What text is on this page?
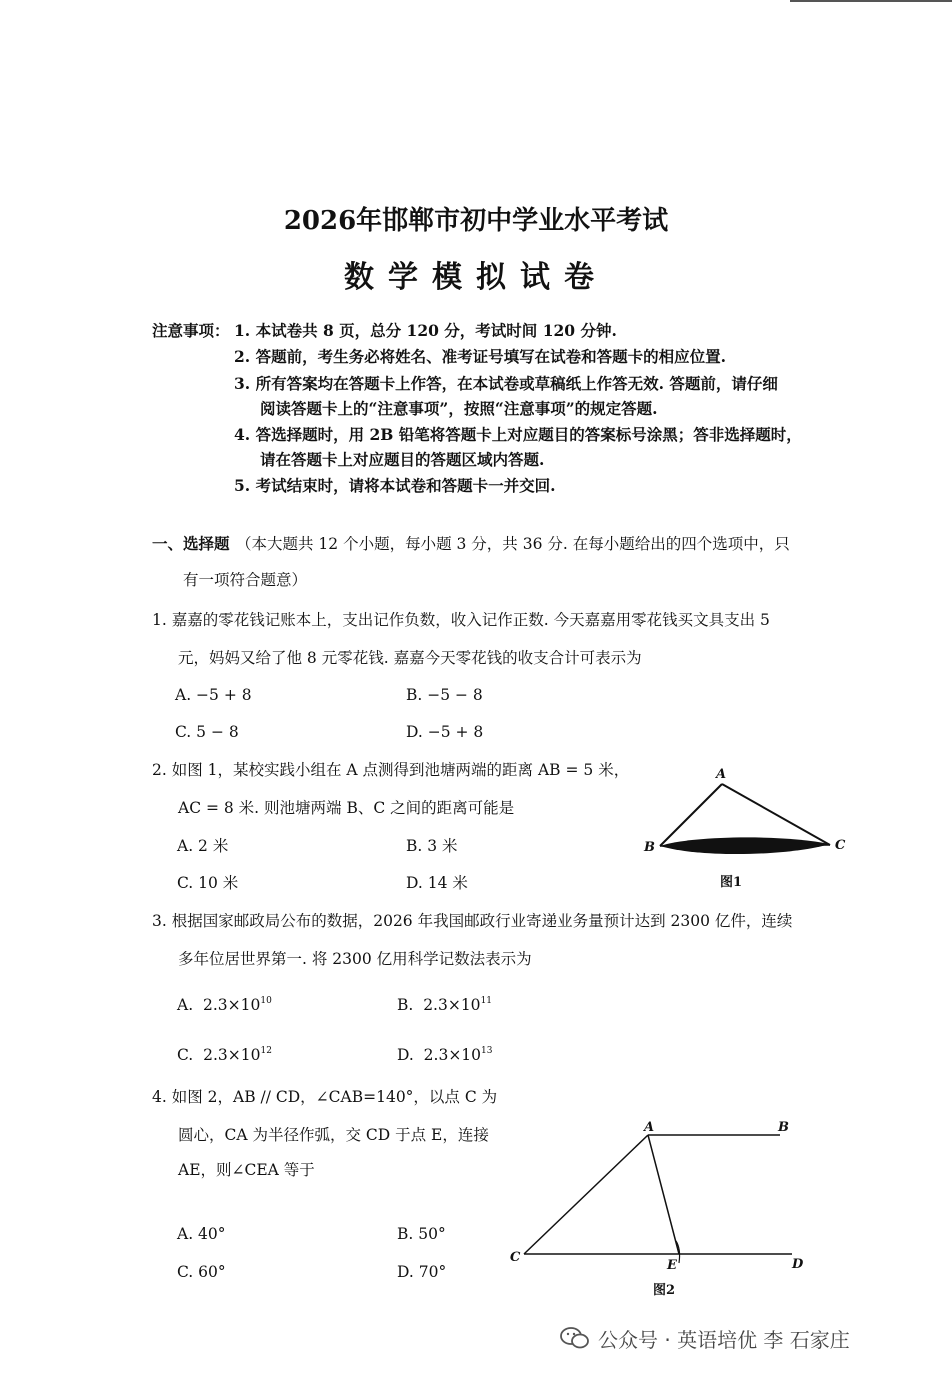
2026年邯郸市初中学业水平考试
数学模拟试卷
注意事项： 1. 本试卷共 8 页，总分 120 分，考试时间 120 分钟.
2. 答题前，考生务必将姓名、准考证号填写在试卷和答题卡的相应位置.
3. 所有答案均在答题卡上作答，在本试卷或草稿纸上作答无效. 答题前，请仔细
阅读答题卡上的“注意事项”，按照“注意事项”的规定答题.
4. 答选择题时，用 2B 铅笔将答题卡上对应题目的答案标号涂黑；答非选择题时，
请在答题卡上对应题目的答题区域内答题.
5. 考试结束时，请将本试卷和答题卡一并交回.
一、选择题 （本大题共 12 个小题，每小题 3 分，共 36 分. 在每小题给出的四个选项中，只
有一项符合题意）
1. 嘉嘉的零花钱记账本上，支出记作负数，收入记作正数. 今天嘉嘉用零花钱买文具支出 5
元，妈妈又给了他 8 元零花钱. 嘉嘉今天零花钱的收支合计可表示为
A. −5 + 8	B. −5 − 8
C. 5 − 8	D. −5 + 8
2. 如图 1，某校实践小组在 A 点测得到池塘两端的距离 AB = 5 米，
AC = 8 米. 则池塘两端 B、C 之间的距离可能是
A. 2 米	B. 3 米
C. 10 米	D. 14 米
A
B	C
图1
3. 根据国家邮政局公布的数据，2026 年我国邮政行业寄递业务量预计达到 2300 亿件，连续
多年位居世界第一. 将 2300 亿用科学记数法表示为
A. $2.3\times 10^{10}$	B. $2.3\times 10^{11}$
C. $2.3\times 10^{12}$	D. $2.3\times 10^{13}$
4. 如图 2，AB // CD，∠CAB=140°，以点 C 为
圆心，CA 为半径作弧，交 CD 于点 E，连接
AE，则∠CEA 等于
A. 40°	B. 50°
C. 60°	D. 70°
A	B
C	D
E
图2
公众号 · 英语培优 李 石家庄
